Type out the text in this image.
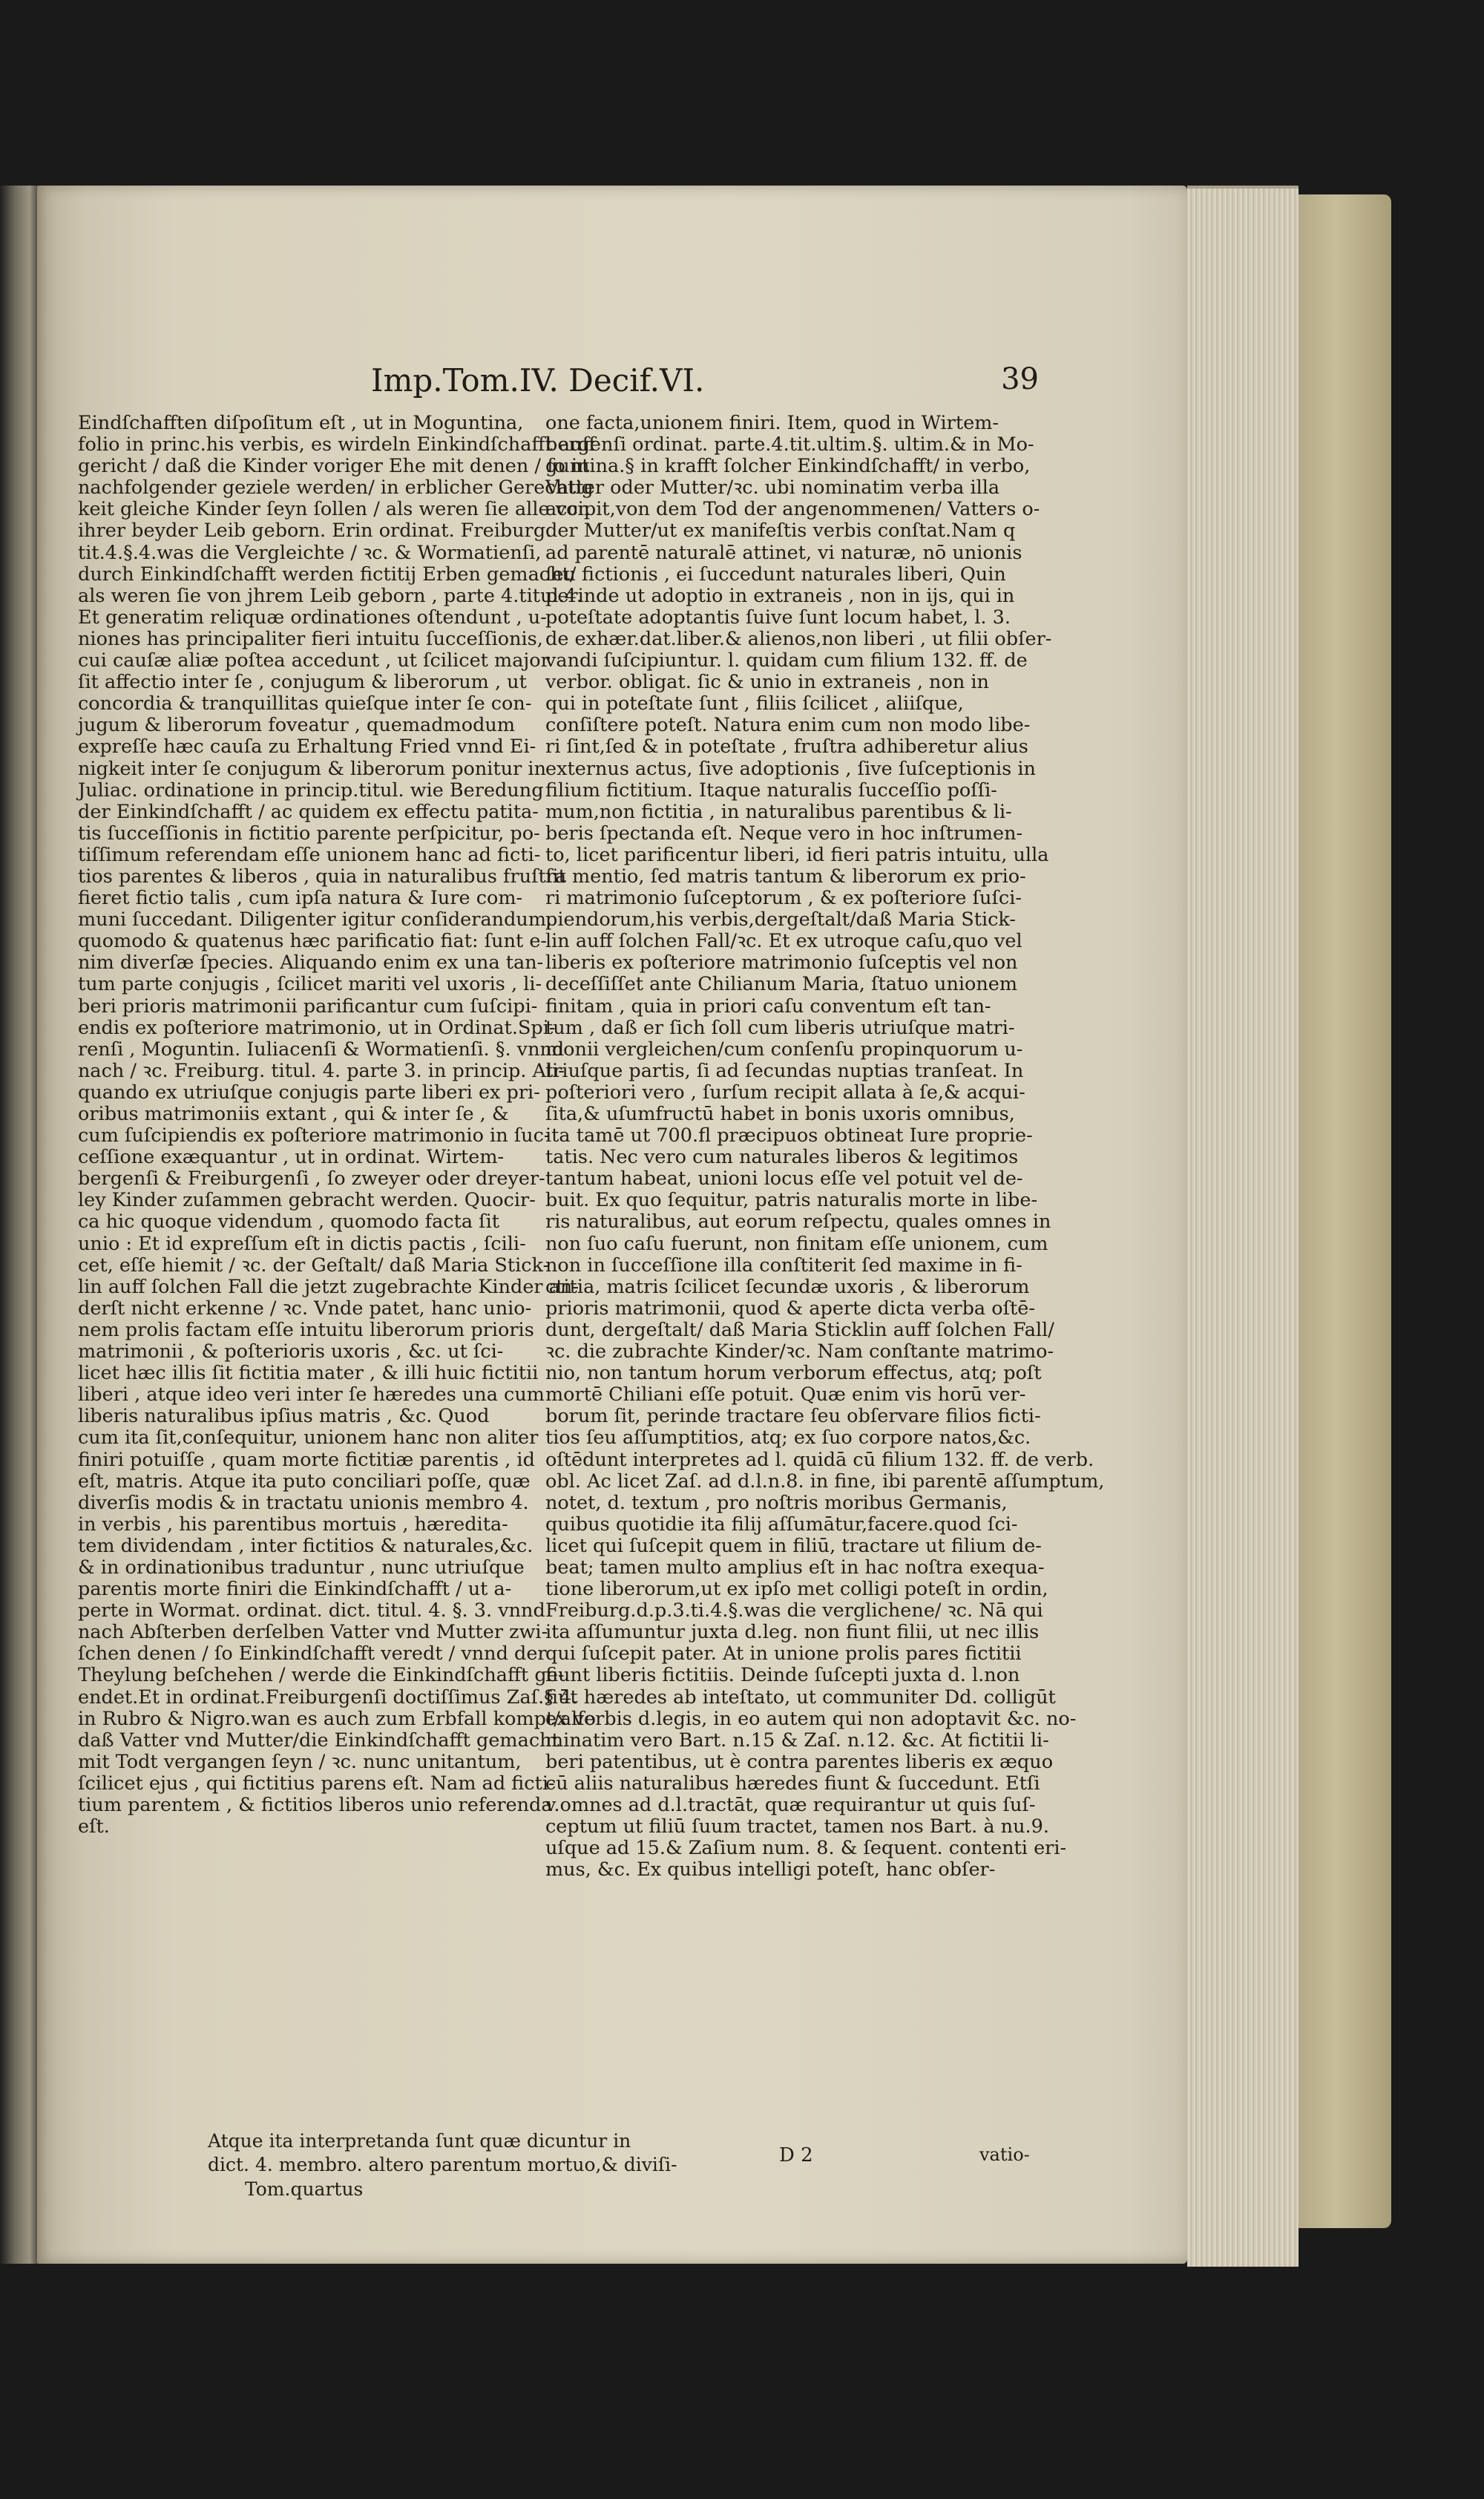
Imp.Tom.IV. Decif.VI.	39
Eindſchafften diſpoſitum eſt , ut in Moguntina,
folio in princ.his verbis, es wirdeln Einkindſchafft auff
gericht / daß die Kinder voriger Ehe mit denen / ſo in
nachfolgender geziele werden/ in erblicher Gerechtig
keit gleiche Kinder ſeyn ſollen / als weren ſie alle von
ihrer beyder Leib geborn. Erin ordinat. Freiburg.
tit.4.§.4.was die Vergleichte / ꝛc. & Wormatienſi,
durch Einkindſchafft werden fictitij Erben gemacht/
als weren ſie von jhrem Leib geborn , parte 4.titul.4.
Et generatim reliquæ ordinationes oſtendunt , u-
niones has principaliter fieri intuitu ſucceſſionis,
cui cauſæ aliæ poſtea accedunt , ut ſcilicet major
ſit affectio inter ſe , conjugum & liberorum , ut
concordia & tranquillitas quieſque inter ſe con-
jugum & liberorum foveatur , quemadmodum
expreſſe hæc cauſa zu Erhaltung Fried vnnd Ei-
nigkeit inter ſe conjugum & liberorum ponitur in
Juliac. ordinatione in princip.titul. wie Beredung
der Einkindſchafft / ac quidem ex effectu patita-
tis ſucceſſionis in fictitio parente perſpicitur, po-
tiſſimum referendam eſſe unionem hanc ad ficti-
tios parentes & liberos , quia in naturalibus fruſtra
fieret fictio talis , cum ipſa natura & Iure com-
muni ſuccedant. Diligenter igitur conſiderandum,
quomodo & quatenus hæc parificatio fiat: ſunt e-
nim diverſæ ſpecies. Aliquando enim ex una tan-
tum parte conjugis , ſcilicet mariti vel uxoris , li-
beri prioris matrimonii parificantur cum ſuſcipi-
endis ex poſteriore matrimonio, ut in Ordinat.Spi-
renſi , Moguntin. Iuliacenſi & Wormatienſi. §. vnnd
nach / ꝛc. Freiburg. titul. 4. parte 3. in princip. Ali-
quando ex utriuſque conjugis parte liberi ex pri-
oribus matrimoniis extant , qui & inter ſe , &
cum ſuſcipiendis ex poſteriore matrimonio in ſuc-
ceſſione exæquantur , ut in ordinat. Wirtem-
bergenſi & Freiburgenſi , ſo zweyer oder dreyer-
ley Kinder zuſammen gebracht werden. Quocir-
ca hic quoque videndum , quomodo facta ſit
unio : Et id expreſſum eſt in dictis pactis , ſcili-
cet, eſſe hiemit / ꝛc. der Geſtalt/ daß Maria Stick-
lin auff ſolchen Fall die jetzt zugebrachte Kinder an-
derſt nicht erkenne / ꝛc. Vnde patet, hanc unio-
nem prolis factam eſſe intuitu liberorum prioris
matrimonii , & poſterioris uxoris , &c. ut ſci-
licet hæc illis ſit fictitia mater , & illi huic fictitii
liberi , atque ideo veri inter ſe hæredes una cum
liberis naturalibus ipſius matris , &c. Quod
cum ita ſit,conſequitur, unionem hanc non aliter
finiri potuiſſe , quam morte fictitiæ parentis , id
eſt, matris. Atque ita puto conciliari poſſe, quæ
diverſis modis & in tractatu unionis membro 4.
in verbis , his parentibus mortuis , hæredita-
tem dividendam , inter fictitios & naturales,&c.
& in ordinationibus traduntur , nunc utriuſque
parentis morte finiri die Einkindſchafft / ut a-
perte in Wormat. ordinat. dict. titul. 4. §. 3. vnnd
nach Abſterben derſelben Vatter vnd Mutter zwi-
ſchen denen / ſo Einkindſchafft veredt / vnnd der
Theylung beſchehen / werde die Einkindſchafft ge-
endet.Et in ordinat.Freiburgenſi doctiſſimus Zaſ.§ 4.
in Rubro & Nigro.wan es auch zum Erbfall kompt/alſo
daß Vatter vnd Mutter/die Einkindſchafft gemacht
mit Todt vergangen ſeyn / ꝛc. nunc unitantum,
ſcilicet ejus , qui fictitius parens eſt. Nam ad ficti-
tium parentem , & fictitios liberos unio referenda
eſt.
one facta,unionem finiri. Item, quod in Wirtem-
bergenſi ordinat. parte.4.tit.ultim.§. ultim.& in Mo-
guntina.§ in krafft ſolcher Einkindſchafft/ in verbo,
Vatter oder Mutter/ꝛc. ubi nominatim verba illa
accipit,von dem Tod der angenommenen/ Vatters o-
der Mutter/ut ex manifeſtis verbis conſtat.Nam q
ad parentē naturalē attinet, vi naturæ, nō unionis
ſeu fictionis , ei ſuccedunt naturales liberi, Quin
perinde ut adoptio in extraneis , non in ijs, qui in
poteſtate adoptantis ſuive ſunt locum habet, l. 3.
de exhær.dat.liber.& alienos,non liberi , ut filii obſer-
vandi ſuſcipiuntur. l. quidam cum filium 132. ff. de
verbor. obligat. ſic & unio in extraneis , non in
qui in poteſtate ſunt , filiis ſcilicet , aliiſque,
conſiſtere poteſt. Natura enim cum non modo libe-
ri ſint,ſed & in poteſtate , fruſtra adhiberetur alius
externus actus, ſive adoptionis , ſive ſuſceptionis in
filium fictitium. Itaque naturalis ſucceſſio poſſi-
mum,non fictitia , in naturalibus parentibus & li-
beris ſpectanda eſt. Neque vero in hoc inſtrumen-
to, licet parificentur liberi, id fieri patris intuitu, ulla
ſit mentio, ſed matris tantum & liberorum ex prio-
ri matrimonio ſuſceptorum , & ex poſteriore ſuſci-
piendorum,his verbis,dergeſtalt/daß Maria Stick-
lin auff ſolchen Fall/ꝛc. Et ex utroque caſu,quo vel
liberis ex poſteriore matrimonio ſuſceptis vel non
deceſſiſſet ante Chilianum Maria, ſtatuo unionem
finitam , quia in priori caſu conventum eſt tan-
tum , daß er ſich ſoll cum liberis utriuſque matri-
monii vergleichen/cum conſenſu propinquorum u-
triuſque partis, ſi ad ſecundas nuptias tranſeat. In
poſteriori vero , ſurſum recipit allata à ſe,& acqui-
ſita,& uſumfructū habet in bonis uxoris omnibus,
ita tamē ut 700.fl præcipuos obtineat Iure proprie-
tatis. Nec vero cum naturales liberos & legitimos
tantum habeat, unioni locus eſſe vel potuit vel de-
buit. Ex quo ſequitur, patris naturalis morte in libe-
ris naturalibus, aut eorum reſpectu, quales omnes in
non ſuo caſu fuerunt, non finitam eſſe unionem, cum
non in ſucceſſione illa conſtiterit ſed maxime in fi-
ctitia, matris ſcilicet ſecundæ uxoris , & liberorum
prioris matrimonii, quod & aperte dicta verba oſtē-
dunt, dergeſtalt/ daß Maria Sticklin auff ſolchen Fall/
ꝛc. die zubrachte Kinder/ꝛc. Nam conſtante matrimo-
nio, non tantum horum verborum effectus, atq; poſt
mortē Chiliani eſſe potuit. Quæ enim vis horū ver-
borum ſit, perinde tractare ſeu obſervare filios ficti-
tios ſeu aſſumptitios, atq; ex ſuo corpore natos,&c.
oſtēdunt interpretes ad l. quidā cū filium 132. ff. de verb.
obl. Ac licet Zaſ. ad d.l.n.8. in fine, ibi parentē aſſumptum,
notet, d. textum , pro noſtris moribus Germanis,
quibus quotidie ita filij aſſumātur,facere.quod ſci-
licet qui ſuſcepit quem in filiū, tractare ut filium de-
beat; tamen multo amplius eſt in hac noſtra exequa-
tione liberorum,ut ex ipſo met colligi poteſt in ordin,
Freiburg.d.p.3.ti.4.§.was die verglichene/ ꝛc. Nā qui
ita aſſumuntur juxta d.leg. non fiunt filii, ut nec illis
qui ſuſcepit pater. At in unione prolis pares fictitii
fiunt liberis fictitiis. Deinde ſuſcepti juxta d. l.non
fiūt hæredes ab inteſtato, ut communiter Dd. colligūt
ex verbis d.legis, in eo autem qui non adoptavit &c. no-
minatim vero Bart. n.15 & Zaſ. n.12. &c. At fictitii li-
beri patentibus, ut è contra parentes liberis ex æquo
cū aliis naturalibus hæredes fiunt & ſuccedunt. Etſi
v.omnes ad d.l.tractāt, quæ requirantur ut quis ſuſ-
ceptum ut filiū ſuum tractet, tamen nos Bart. à nu.9.
uſque ad 15.& Zaſium num. 8. & ſequent. contenti eri-
mus, &c. Ex quibus intelligi poteſt, hanc obſer-
Atque ita interpretanda ſunt quæ dicuntur in
dict. 4. membro. altero parentum mortuo,& diviſi-	D 2	vatio-
Tom.quartus
